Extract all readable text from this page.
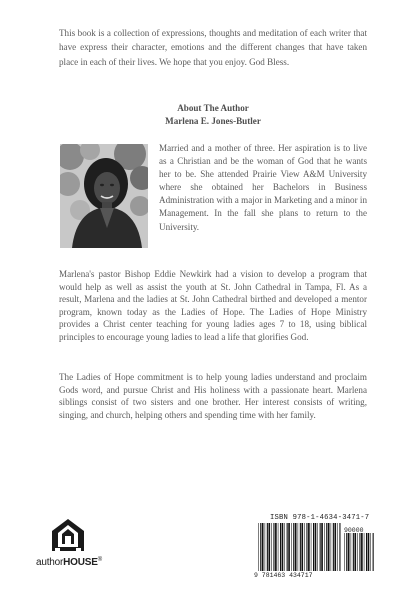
This book is a collection of expressions, thoughts and meditation of each writer that have express their character, emotions and the different changes that have taken place in each of their lives. We hope that you enjoy. God Bless.

About The Author
Marlena E. Jones-Butler

Married and a mother of three. Her aspiration is to live as a Christian and be the woman of God that he wants her to be. She attended Prairie View A&M University where she obtained her Bachelors in Business Administration with a major in Marketing and a minor in Management. In the fall she plans to return to the University.

Marlena's pastor Bishop Eddie Newkirk had a vision to develop a program that would help as well as assist the youth at St. John Cathedral in Tampa, Fl. As a result, Marlena and the ladies at St. John Cathedral birthed and developed a mentor program, known today as the Ladies of Hope. The Ladies of Hope Ministry provides a Christ center teaching for young ladies ages 7 to 18, using biblical principles to encourage young ladies to lead a life that glorifies God.

The Ladies of Hope commitment is to help young ladies understand and proclaim Gods word, and pursue Christ and His holiness with a passionate heart. Marlena siblings consist of two sisters and one brother. Her interest consists of writing, singing, and church, helping others and spending time with her family.

authorHOUSE®
ISBN 978-1-4634-3471-7
90000
9 781463 434717
